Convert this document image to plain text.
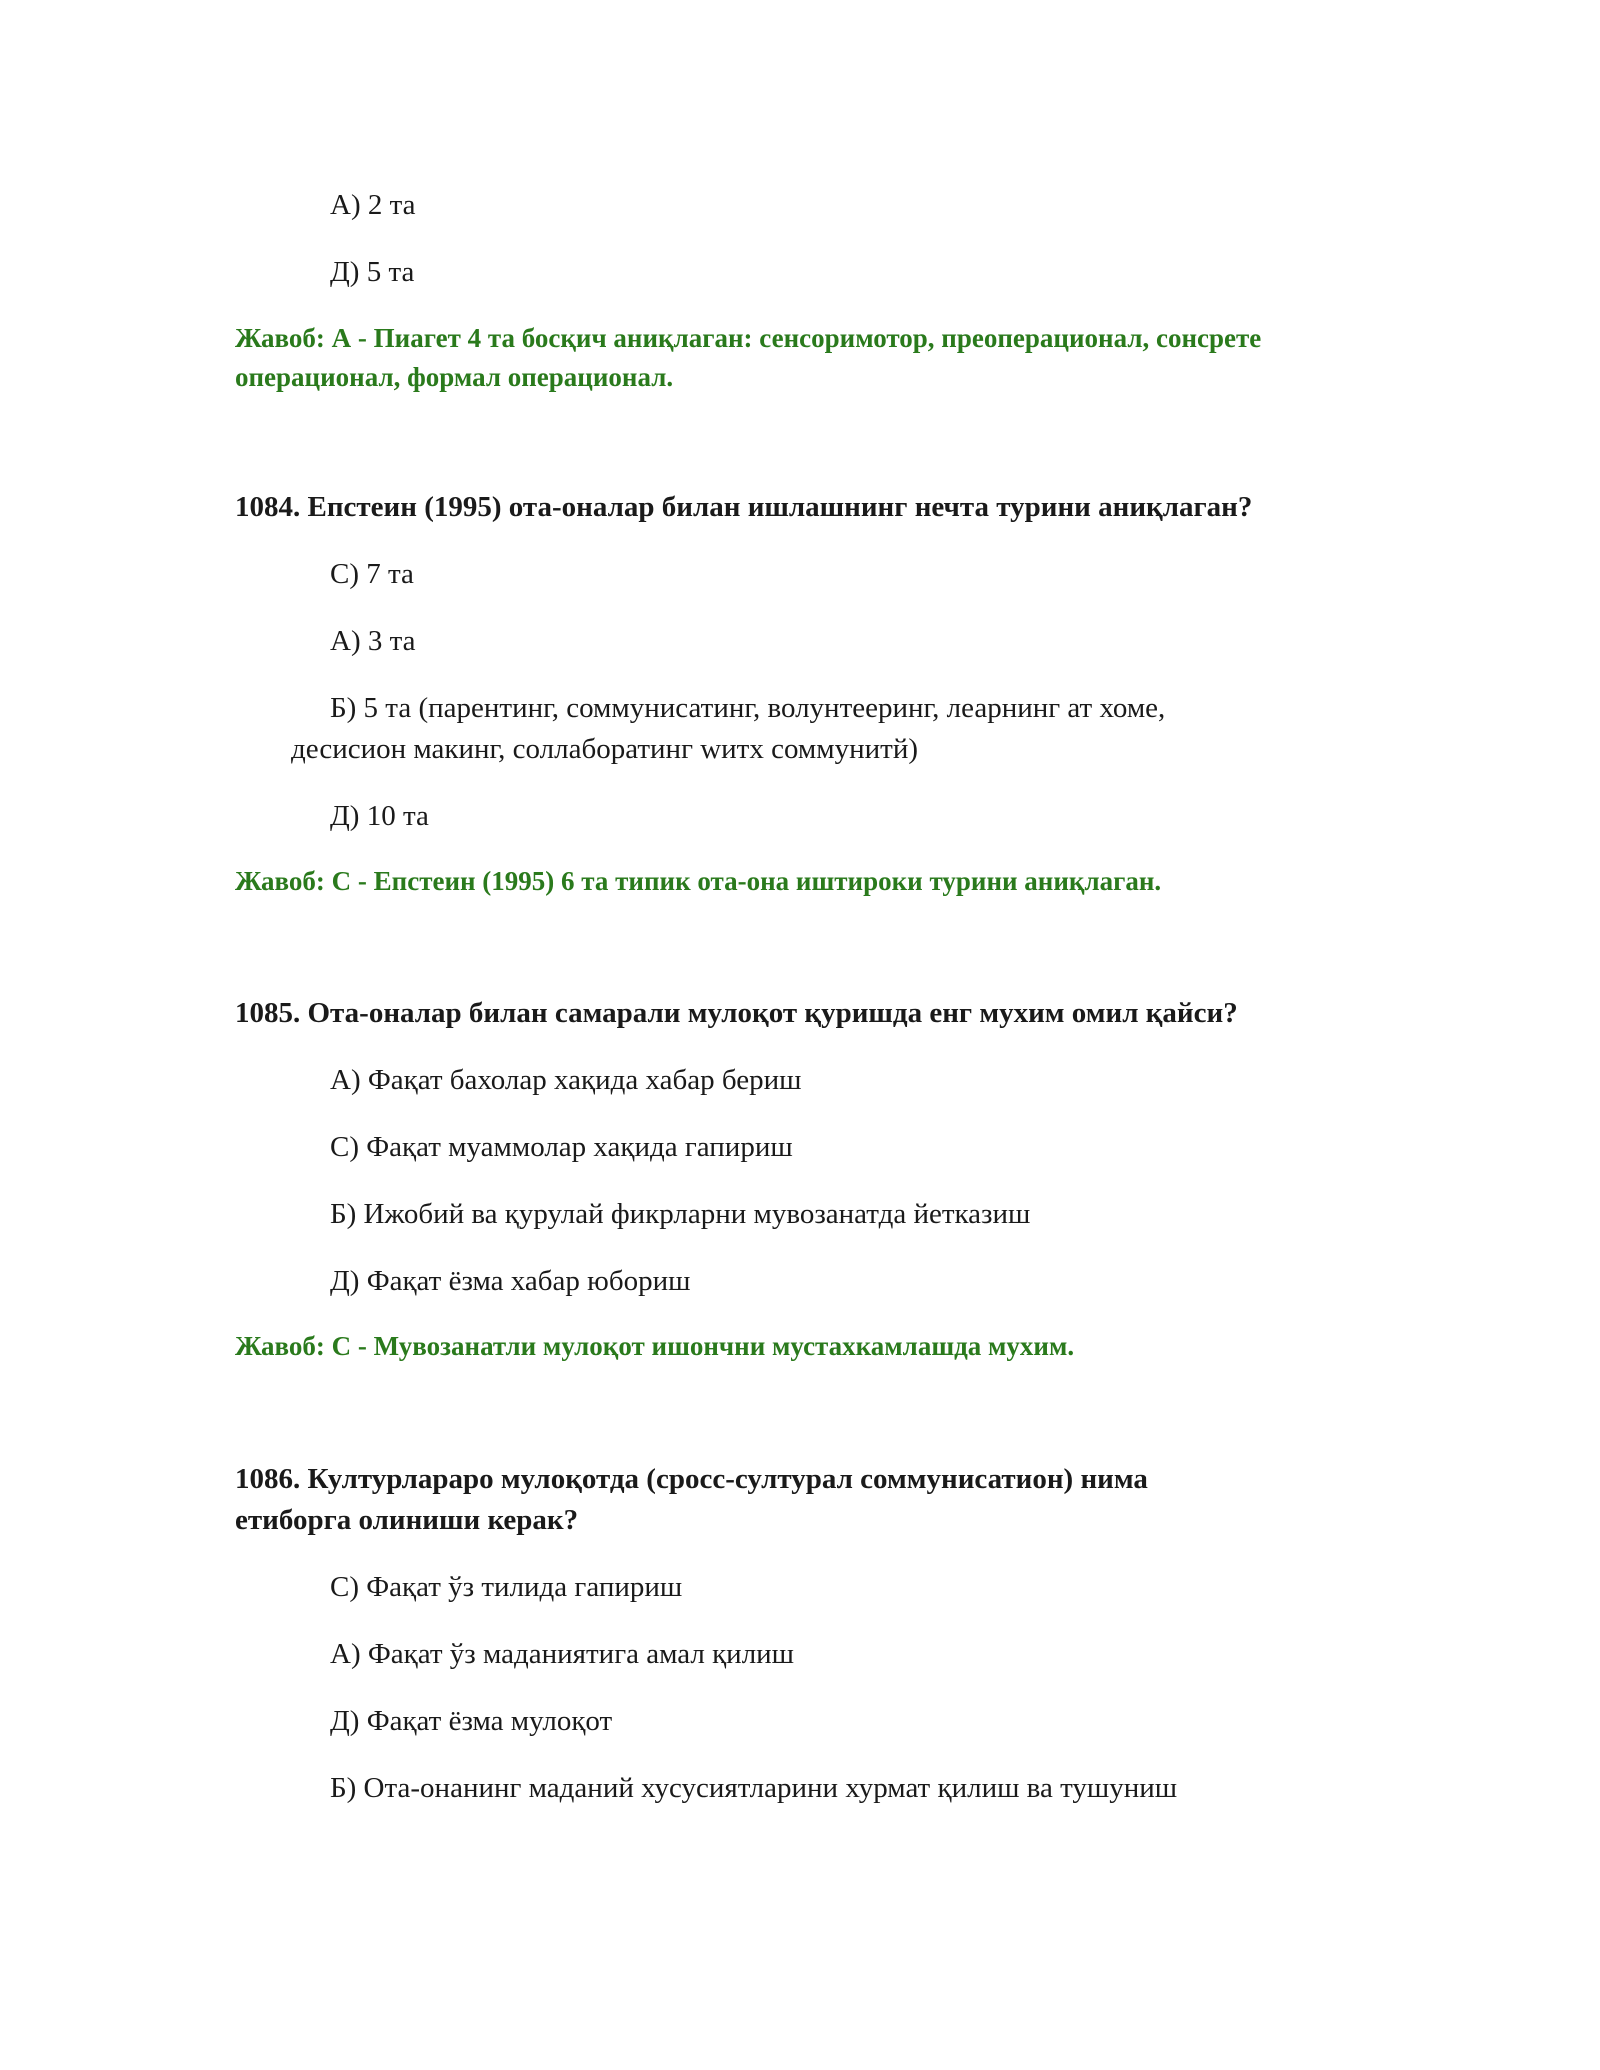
А) 2 та
Д) 5 та
Жавоб: А - Пиагет 4 та босқич аниқлаган: сенсоримотор, преоперационал, сонсрете
операционал, формал операционал.
1084. Епстеин (1995) ота-оналар билан ишлашнинг нечта турини аниқлаган?
С) 7 та
А) 3 та
Б) 5 та (парентинг, соммунисатинг, волунтееринг, леарнинг ат хоме,
десисион макинг, соллаборатинг wитх соммунитй)
Д) 10 та
Жавоб: С - Епстеин (1995) 6 та типик ота-она иштироки турини аниқлаган.
1085. Ота-оналар билан самарали мулоқот қуришда енг мухим омил қайси?
А) Фақат бахолар хақида хабар бериш
С) Фақат муаммолар хақида гапириш
Б) Ижобий ва қурулай фикрларни мувозанатда йетказиш
Д) Фақат ёзма хабар юбориш
Жавоб: С - Мувозанатли мулоқот ишончни мустахкамлашда мухим.
1086. Културлараро мулоқотда (сросс-султурал соммунисатион) нима
етиборга олиниши керак?
С) Фақат ўз тилида гапириш
А) Фақат ўз маданиятига амал қилиш
Д) Фақат ёзма мулоқот
Б) Ота-онанинг маданий хусусиятларини хурмат қилиш ва тушуниш
